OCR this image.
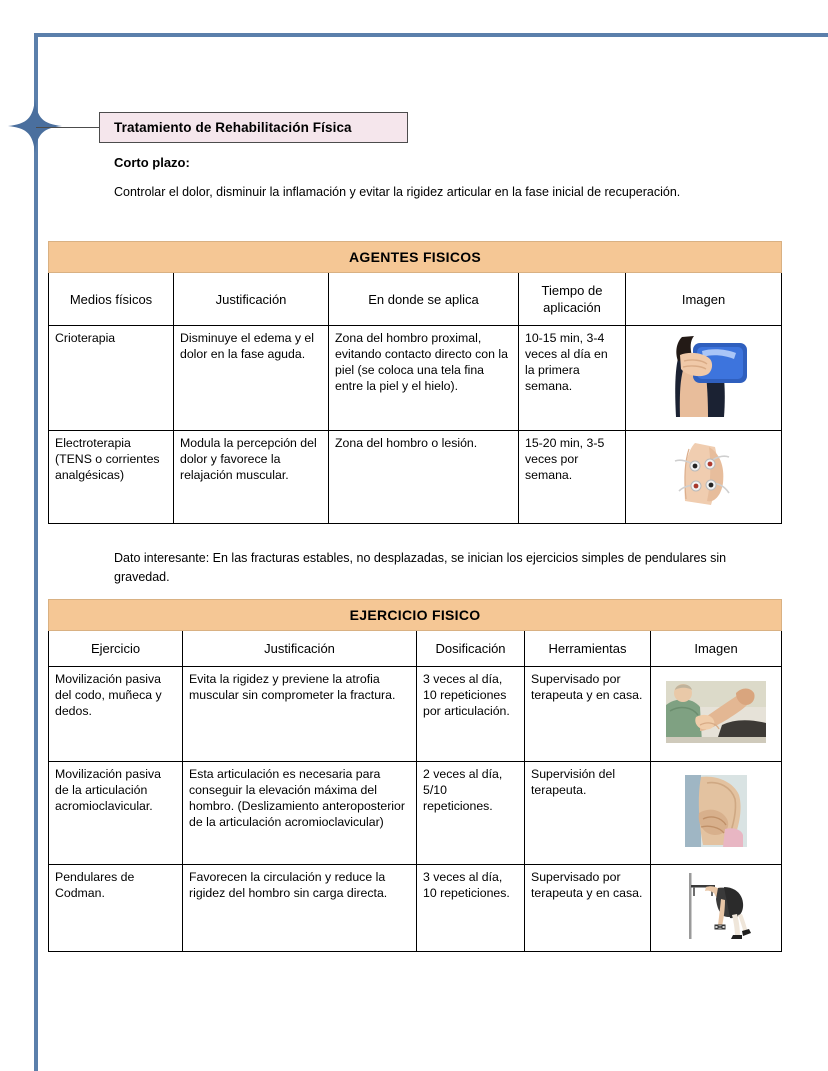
Tratamiento de Rehabilitación Física
Corto plazo:
Controlar el dolor, disminuir la inflamación y evitar la rigidez articular en la fase inicial de recuperación.
AGENTES FISICOS				
Medios físicos	Justificación	En donde se aplica	Tiempo de aplicación	Imagen
Crioterapia	Disminuye el edema y el dolor en la fase aguda.	Zona del hombro proximal, evitando contacto directo con la piel (se coloca una tela fina entre la piel y el hielo).	10-15 min, 3-4 veces al día en la primera semana.	
Electroterapia (TENS o corrientes analgésicas)	Modula la percepción del dolor y favorece la relajación muscular.	Zona del hombro o lesión.	15-20 min, 3-5 veces por semana.	
Dato interesante: En las fracturas estables, no desplazadas, se inician los ejercicios simples de pendulares sin gravedad.
EJERCICIO FISICO				
Ejercicio	Justificación	Dosificación	Herramientas	Imagen
Movilización pasiva del codo, muñeca y dedos.	Evita la rigidez y previene la atrofia muscular sin comprometer la fractura.	3 veces al día, 10 repeticiones por articulación.	Supervisado por terapeuta y en casa.	
Movilización pasiva de la articulación acromioclavicular.	Esta articulación es necesaria para conseguir la elevación máxima del hombro. (Deslizamiento anteroposterior de la articulación acromioclavicular)	2 veces al día, 5/10 repeticiones.	Supervisión del terapeuta.	
Pendulares de Codman.	Favorecen la circulación y reduce la rigidez del hombro sin carga directa.	3 veces al día, 10 repeticiones.	Supervisado por terapeuta y en casa.	
